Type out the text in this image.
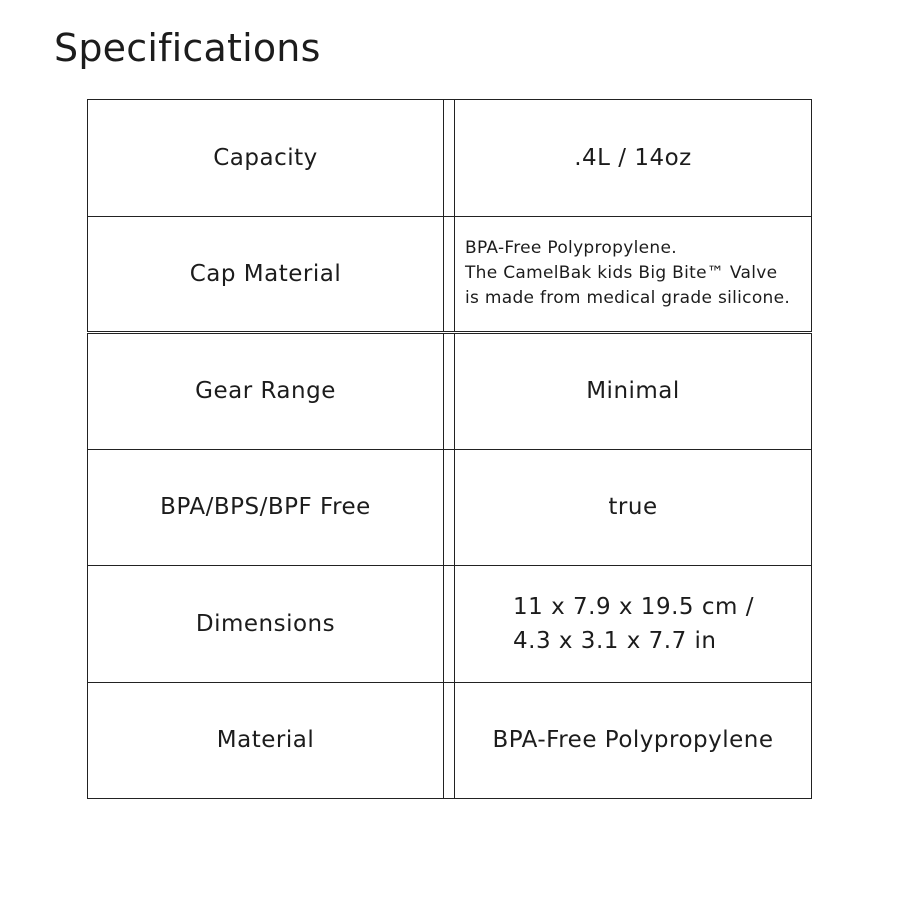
Specifications
Capacity		.4L / 14oz
Cap Material		BPA-Free Polypropylene.
The CamelBak kids Big Bite™ Valve
is made from medical grade silicone.

Gear Range		Minimal
BPA/BPS/BPF Free		true
Dimensions		11 x 7.9 x 19.5 cm /
4.3 x 3.1 x 7.7 in

Material		BPA-Free Polypropylene
